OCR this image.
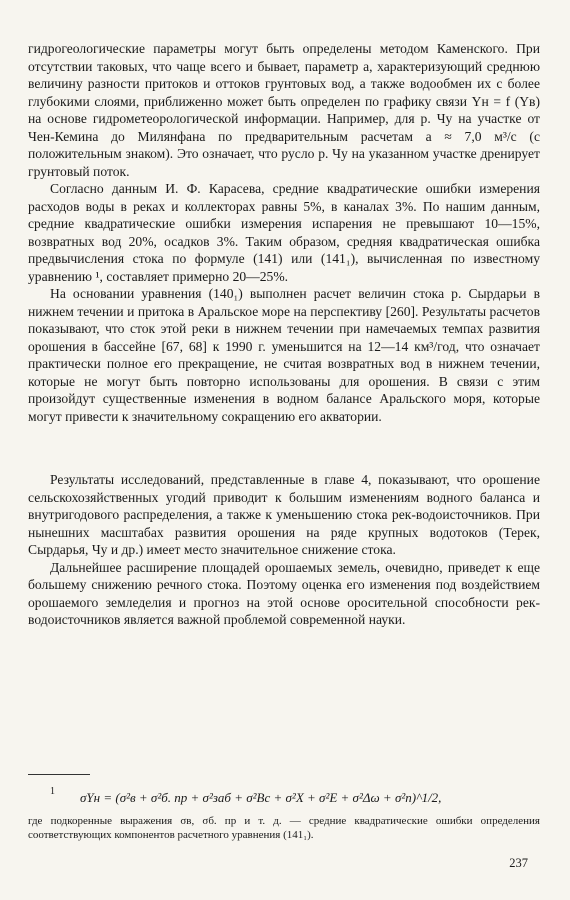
гидрогеологические параметры могут быть определены методом Каменского. При отсутствии таковых, что чаще всего и бывает, параметр a, характеризующий среднюю величину разности притоков и оттоков грунтовых вод, а также водообмен их с более глубокими слоями, приближенно может быть определен по графику связи Yн = f (Yв) на основе гидрометеорологической информации. Например, для р. Чу на участке от Чен-Кемина до Милянфана по предварительным расчетам a ≈ 7,0 м³/с (с положительным знаком). Это означает, что русло р. Чу на указанном участке дренирует грунтовый поток.

Согласно данным И. Ф. Карасева, средние квадратические ошибки измерения расходов воды в реках и коллекторах равны 5%, в каналах 3%. По нашим данным, средние квадратические ошибки измерения испарения не превышают 10—15%, возвратных вод 20%, осадков 3%. Таким образом, средняя квадратическая ошибка предвычисления стока по формуле (141) или (141₁), вычисленная по известному уравнению ¹, составляет примерно 20—25%.

На основании уравнения (140₁) выполнен расчет величин стока р. Сырдарьи в нижнем течении и притока в Аральское море на перспективу [260]. Результаты расчетов показывают, что сток этой реки в нижнем течении при намечаемых темпах развития орошения в бассейне [67, 68] к 1990 г. уменьшится на 12—14 км³/год, что означает практически полное его прекращение, не считая возвратных вод в нижнем течении, которые не могут быть повторно использованы для орошения. В связи с этим произойдут существенные изменения в водном балансе Аральского моря, которые могут привести к значительному сокращению его акватории.

Результаты исследований, представленные в главе 4, показывают, что орошение сельскохозяйственных угодий приводит к большим изменениям водного баланса и внутригодового распределения, а также к уменьшению стока рек-водоисточников. При нынешних масштабах развития орошения на ряде крупных водотоков (Терек, Сырдарья, Чу и др.) имеет место значительное снижение стока.

Дальнейшее расширение площадей орошаемых земель, очевидно, приведет к еще большему снижению речного стока. Поэтому оценка его изменения под воздействием орошаемого земледелия и прогноз на этой основе оросительной способности рек-водоисточников является важной проблемой современной науки.

1 σYн = (σ²в + σ²б. пр + σ²заб + σ²Bс + σ²X + σ²E + σ²Δω + σ²п)^1/2,
где подкоренные выражения σв, σб. пр и т. д. — средние квадратические ошибки определения соответствующих компонентов расчетного уравнения (141₁).
237
